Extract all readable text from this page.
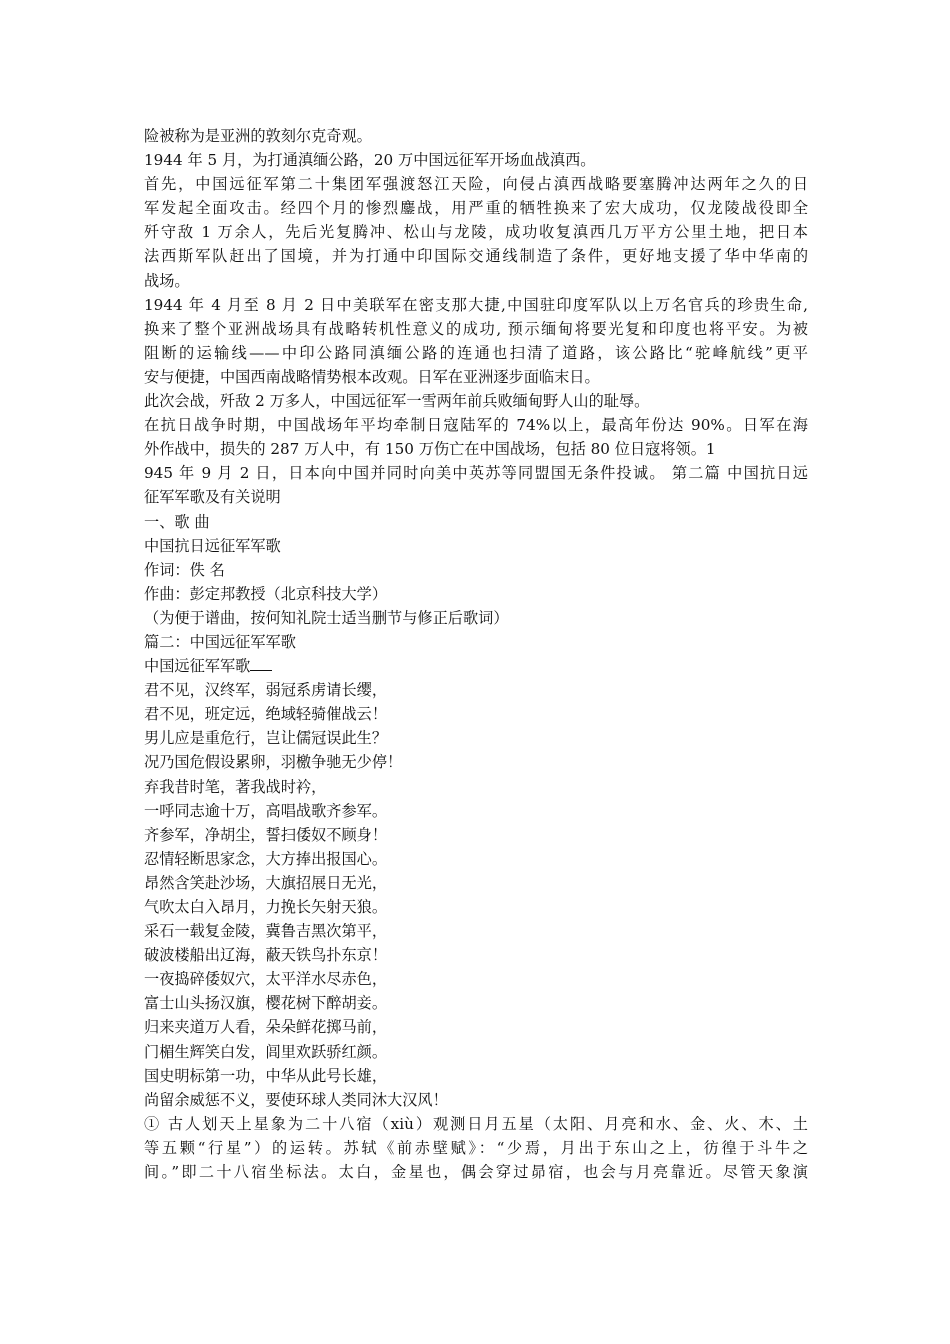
险被称为是亚洲的敦刻尔克奇观。
1944 年 5 月，为打通滇缅公路，20 万中国远征军开场血战滇西。
首先，中国远征军第二十集团军强渡怒江天险，向侵占滇西战略要塞腾冲达两年之久的日
军发起全面攻击。经四个月的惨烈鏖战，用严重的牺牲换来了宏大成功，仅龙陵战役即全
歼守敌 1 万余人，先后光复腾冲、松山与龙陵，成功收复滇西几万平方公里土地，把日本
法西斯军队赶出了国境，并为打通中印国际交通线制造了条件，更好地支援了华中华南的
战场。
1944 年 4 月至 8 月 2 日中美联军在密支那大捷,中国驻印度军队以上万名官兵的珍贵生命,
换来了整个亚洲战场具有战略转机性意义的成功, 预示缅甸将要光复和印度也将平安。为被
阻断的运输线——中印公路同滇缅公路的连通也扫清了道路，该公路比“驼峰航线”更平
安与便捷，中国西南战略情势根本改观。日军在亚洲逐步面临末日。
此次会战，歼敌 2 万多人，中国远征军一雪两年前兵败缅甸野人山的耻辱。
在抗日战争时期，中国战场年平均牵制日寇陆军的 74%以上，最高年份达 90%。日军在海
外作战中，损失的 287 万人中，有 150 万伤亡在中国战场，包括 80 位日寇将领。1
945 年 9 月 2 日，日本向中国并同时向美中英苏等同盟国无条件投诚。 第二篇 中国抗日远
征军军歌及有关说明
一、歌 曲
中国抗日远征军军歌
作词：佚 名
作曲：彭定邦教授（北京科技大学）
（为便于谱曲，按何知礼院士适当删节与修正后歌词）
篇二：中国远征军军歌
中国远征军军歌
君不见，汉终军，弱冠系虏请长缨，
君不见，班定远，绝域轻骑催战云！
男儿应是重危行，岂让儒冠误此生？
况乃国危假设累卵，羽檄争驰无少停！
弃我昔时笔，著我战时衿，
一呼同志逾十万，高唱战歌齐参军。
齐参军，净胡尘，誓扫倭奴不顾身！
忍情轻断思家念，大方捧出报国心。
昂然含笑赴沙场，大旗招展日无光，
气吹太白入昂月，力挽长矢射天狼。
采石一载复金陵，冀鲁吉黑次第平，
破波楼船出辽海，蔽天铁鸟扑东京！
一夜捣碎倭奴穴，太平洋水尽赤色，
富士山头扬汉旗，樱花树下醉胡妾。
归来夹道万人看，朵朵鲜花掷马前，
门楣生辉笑白发，闾里欢跃骄红颜。
国史明标第一功，中华从此号长雄，
尚留余威惩不义，要使环球人类同沐大汉风！
① 古人划天上星象为二十八宿（xiù）观测日月五星（太阳、月亮和水、金、火、木、土
等五颗“行星”）的运转。苏轼《前赤壁赋》：“少焉，月出于东山之上，彷徨于斗牛之
间。”即二十八宿坐标法。太白，金星也，偶会穿过昴宿，也会与月亮靠近。尽管天象演
